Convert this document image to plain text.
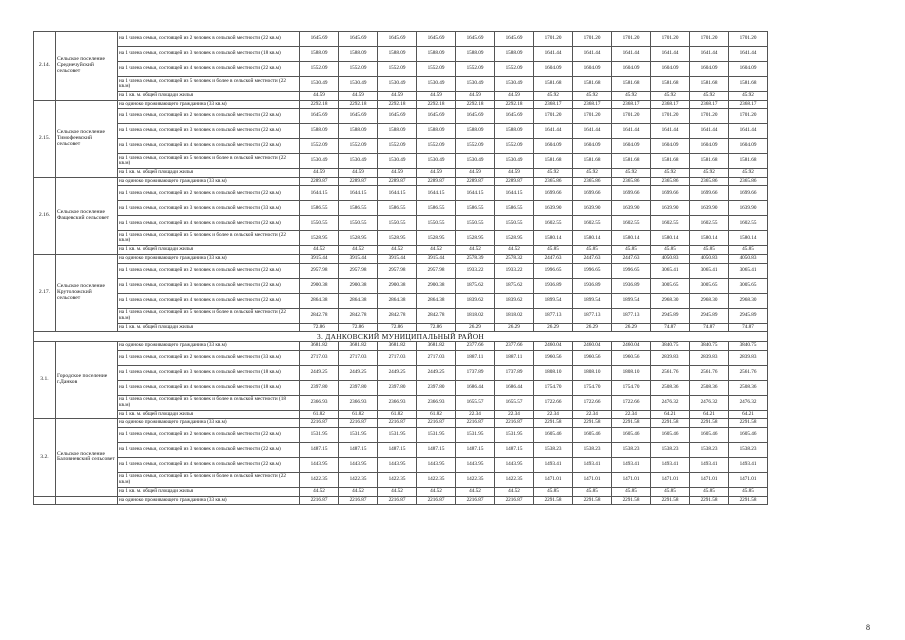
2.14.	Сельское поселение Среднечуйский сельсовет	на 1 члена семьи, состоящей из 2 человек в сельской местности (22 кв.м)	1645.69	1645.69	1645.69	1645.69	1645.69	1645.69	1701.20	1701.20	1701.20	1701.20	1701.20	1701.20
		на 1 члена семьи, состоящей из 3 человек в сельской местности (18 кв.м)	1588.09	1588.09	1588.09	1588.09	1588.09	1588.09	1641.44	1641.44	1641.44	1641.44	1641.44	1641.44
		на 1 члена семьи, состоящей из 4 человек в сельской местности (22 кв.м)	1552.09	1552.09	1552.09	1552.09	1552.09	1552.09	1604.09	1604.09	1604.09	1604.09	1604.09	1604.09
		на 1 члена семьи, состоящей из 5 человек и более в сельской местности (22 кв.м)	1530.49	1530.49	1530.49	1530.49	1530.49	1530.49	1581.68	1581.68	1581.68	1581.68	1581.68	1581.68
		на 1 кв. м. общей площади жилья	44.59	44.59	44.59	44.59	44.59	44.59	45.92	45.92	45.92	45.92	45.92	45.92
2.15.	Сельское поселение Тимофеевский сельсовет	на одиноко проживающего гражданина (33 кв.м)	2292.18	2292.18	2292.18	2292.18	2292.18	2292.18	2368.17	2368.17	2368.17	2368.17	2368.17	2368.17
		на 1 члена семьи, состоящей из 2 человек в сельской местности (22 кв.м)	1645.69	1645.69	1645.69	1645.69	1645.69	1645.69	1701.20	1701.20	1701.20	1701.20	1701.20	1701.20
		на 1 члена семьи, состоящей из 3 человек в сельской местности (22 кв.м)	1588.09	1588.09	1588.09	1588.09	1588.09	1588.09	1641.44	1641.44	1641.44	1641.44	1641.44	1641.44
		на 1 члена семьи, состоящей из 4 человек в сельской местности (22 кв.м)	1552.09	1552.09	1552.09	1552.09	1552.09	1552.09	1604.09	1604.09	1604.09	1604.09	1604.09	1604.09
		на 1 члена семьи, состоящей из 5 человек и более в сельской местности (22 кв.м)	1530.49	1530.49	1530.49	1530.49	1530.49	1530.49	1581.68	1581.68	1581.68	1581.68	1581.68	1581.68
		на 1 кв. м. общей площади жилья	44.59	44.59	44.59	44.59	44.59	44.59	45.92	45.92	45.92	45.92	45.92	45.92
2.16.	Сельское поселение Фащевский сельсовет	на одиноко проживающего гражданина (33 кв.м)	2289.87	2289.87	2289.87	2289.87	2289.87	2289.87	2365.86	2365.86	2365.86	2365.86	2365.86	2365.86
		на 1 члена семьи, состоящей из 2 человек в сельской местности (22 кв.м)	1644.15	1644.15	1644.15	1644.15	1644.15	1644.15	1699.66	1699.66	1699.66	1699.66	1699.66	1699.66
		на 1 члена семьи, состоящей из 3 человек в сельской местности (33 кв.м)	1586.55	1586.55	1586.55	1586.55	1586.55	1586.55	1639.90	1639.90	1639.90	1639.90	1639.90	1639.90
		на 1 члена семьи, состоящей из 4 человек в сельской местности (22 кв.м)	1550.55	1550.55	1550.55	1550.55	1550.55	1550.55	1602.55	1602.55	1602.55	1602.55	1602.55	1602.55
		на 1 члена семьи, состоящей из 5 человек и более в сельской местности (22 кв.м)	1528.95	1528.95	1528.95	1528.95	1528.95	1528.95	1580.14	1580.14	1580.14	1580.14	1580.14	1580.14
		на 1 кв. м. общей площади жилья	44.52	44.52	44.52	44.52	44.52	44.52	45.85	45.85	45.85	45.85	45.85	45.85
2.17.	Сельское поселение Крутоложский сельсовет	на одиноко проживающего гражданина (33 кв.м)	3915.44	3915.44	3915.44	3915.44	2578.39	2578.32	2447.63	2447.63	2447.63	4050.83	4050.83	4050.83
		на 1 члена семьи, состоящей из 2 человек в сельской местности (22 кв.м)	2957.98	2957.98	2957.98	2957.98	1933.22	1933.22	1996.65	1996.65	1996.65	3065.41	3065.41	3065.41
		на 1 члена семьи, состоящей из 3 человек в сельской местности (22 кв.м)	2900.38	2900.38	2900.38	2900.38	1875.62	1875.62	1936.89	1936.89	1936.89	3005.65	3005.65	3005.65
		на 1 члена семьи, состоящей из 4 человек в сельской местности (22 кв.м)	2864.38	2864.38	2864.38	2864.38	1839.62	1839.62	1899.54	1899.54	1899.54	2968.30	2968.30	2968.30
		на 1 члена семьи, состоящей из 5 человек и более в сельской местности (22 кв.м)	2842.78	2842.78	2842.78	2842.78	1818.02	1818.02	1877.13	1877.13	1877.13	2945.89	2945.89	2945.89
		на 1 кв. м. общей площади жилья	72.86	72.86	72.86	72.86	26.29	26.29	26.29	26.29	26.29	74.87	74.87	74.87
3. ДАНКОВСКИЙ МУНИЦИПАЛЬНЫЙ РАЙОН														
3.1.	Городское поселение г.Данков	на одиноко проживающего гражданина (33 кв.м)	3681.82	3681.82	3681.82	3681.82	2377.66	2377.66	2460.04	2460.04	2460.04	3840.75	3840.75	3840.75
		на 1 члена семьи, состоящей из 2 человек в сельской местности (33 кв.м)	2717.03	2717.03	2717.03	2717.03	1887.11	1887.11	1960.56	1960.56	1960.56	2839.83	2839.83	2839.83
		на 1 члена семьи, состоящей из 3 человек в сельской местности (18 кв.м)	2449.25	2449.25	2449.25	2449.25	1737.89	1737.89	1808.10	1808.10	1808.10	2561.76	2561.76	2561.76
		на 1 члена семьи, состоящей из 4 человек в сельской местности (18 кв.м)	2397.80	2397.80	2397.80	2397.80	1686.44	1686.44	1754.70	1754.70	1754.70	2508.36	2508.36	2508.36
		на 1 члена семьи, состоящей из 5 человек и более в сельской местности (18 кв.м)	2366.93	2366.93	2366.93	2366.93	1655.57	1655.57	1722.66	1722.66	1722.66	2476.32	2476.32	2476.32
		на 1 кв. м. общей площади жилья	61.82	61.82	61.82	61.82	22.34	22.34	22.34	22.34	22.34	64.21	64.21	64.21
3.2.	Сельское поселение Баловневский сельсовет	на одиноко проживающего гражданина (33 кв.м)	2216.87	2216.87	2216.87	2216.87	2216.87	2216.87	2291.58	2291.58	2291.58	2291.58	2291.58	2291.58
		на 1 члена семьи, состоящей из 2 человек в сельской местности (22 кв.м)	1531.95	1531.95	1531.95	1531.95	1531.95	1531.95	1605.46	1605.46	1605.46	1605.46	1605.46	1605.46
		на 1 члена семьи, состоящей из 3 человек в сельской местности (22 кв.м)	1487.15	1487.15	1487.15	1487.15	1487.15	1487.15	1538.23	1538.23	1538.23	1538.23	1538.23	1538.23
		на 1 члена семьи, состоящей из 4 человек в сельской местности (22 кв.м)	1443.95	1443.95	1443.95	1443.95	1443.95	1443.95	1493.41	1493.41	1493.41	1493.41	1493.41	1493.41
		на 1 члена семьи, состоящей из 5 человек и более в сельской местности (22 кв.м)	1422.35	1422.35	1422.35	1422.35	1422.35	1422.35	1471.01	1471.01	1471.01	1471.01	1471.01	1471.01
		на 1 кв. м. общей площади жилья	44.52	44.52	44.52	44.52	44.52	44.52	45.85	45.85	45.85	45.85	45.85	45.85
		на одиноко проживающего гражданина (33 кв.м)	2216.87	2216.87	2216.87	2216.87	2216.87	2216.87	2291.58	2291.58	2291.58	2291.58	2291.58	2291.58
8
